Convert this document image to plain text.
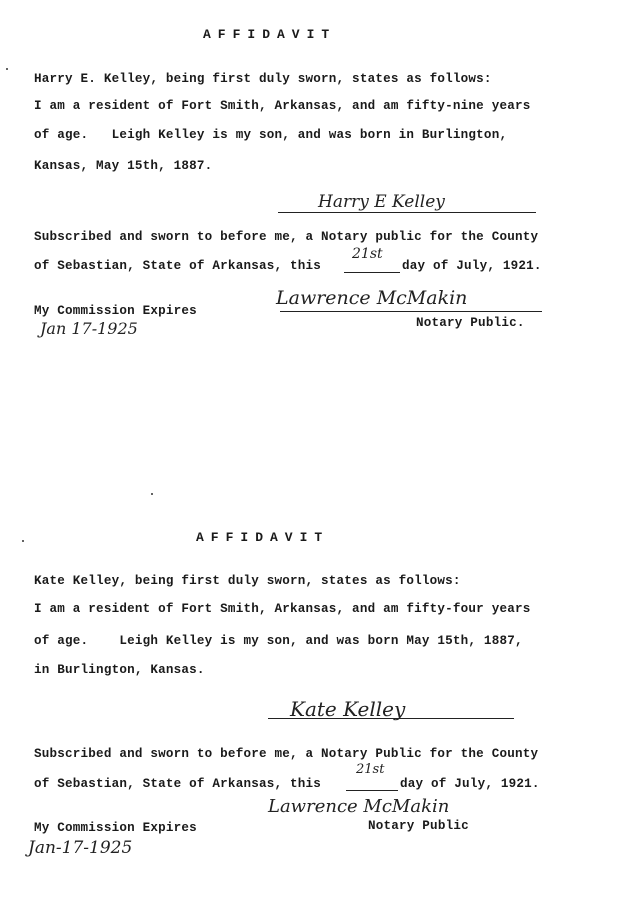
AFFIDAVIT
Harry E. Kelley, being first duly sworn, states as follows:
I am a resident of Fort Smith, Arkansas, and am fifty-nine years
of age.   Leigh Kelley is my son, and was born in Burlington,
Kansas, May 15th, 1887.
Harry E Kelley
Subscribed and sworn to before me, a Notary public for the County
of Sebastian, State of Arkansas, this
21st
day of July, 1921.
My Commission Expires
Jan 17-1925
Lawrence McMakin
Notary Public.
AFFIDAVIT
Kate Kelley, being first duly sworn, states as follows:
I am a resident of Fort Smith, Arkansas, and am fifty-four years
of age.    Leigh Kelley is my son, and was born May 15th, 1887,
in Burlington, Kansas.
Kate Kelley
Subscribed and sworn to before me, a Notary Public for the County
of Sebastian, State of Arkansas, this
21st
day of July, 1921.
My Commission Expires
Jan-17-1925
Lawrence McMakin
Notary Public
